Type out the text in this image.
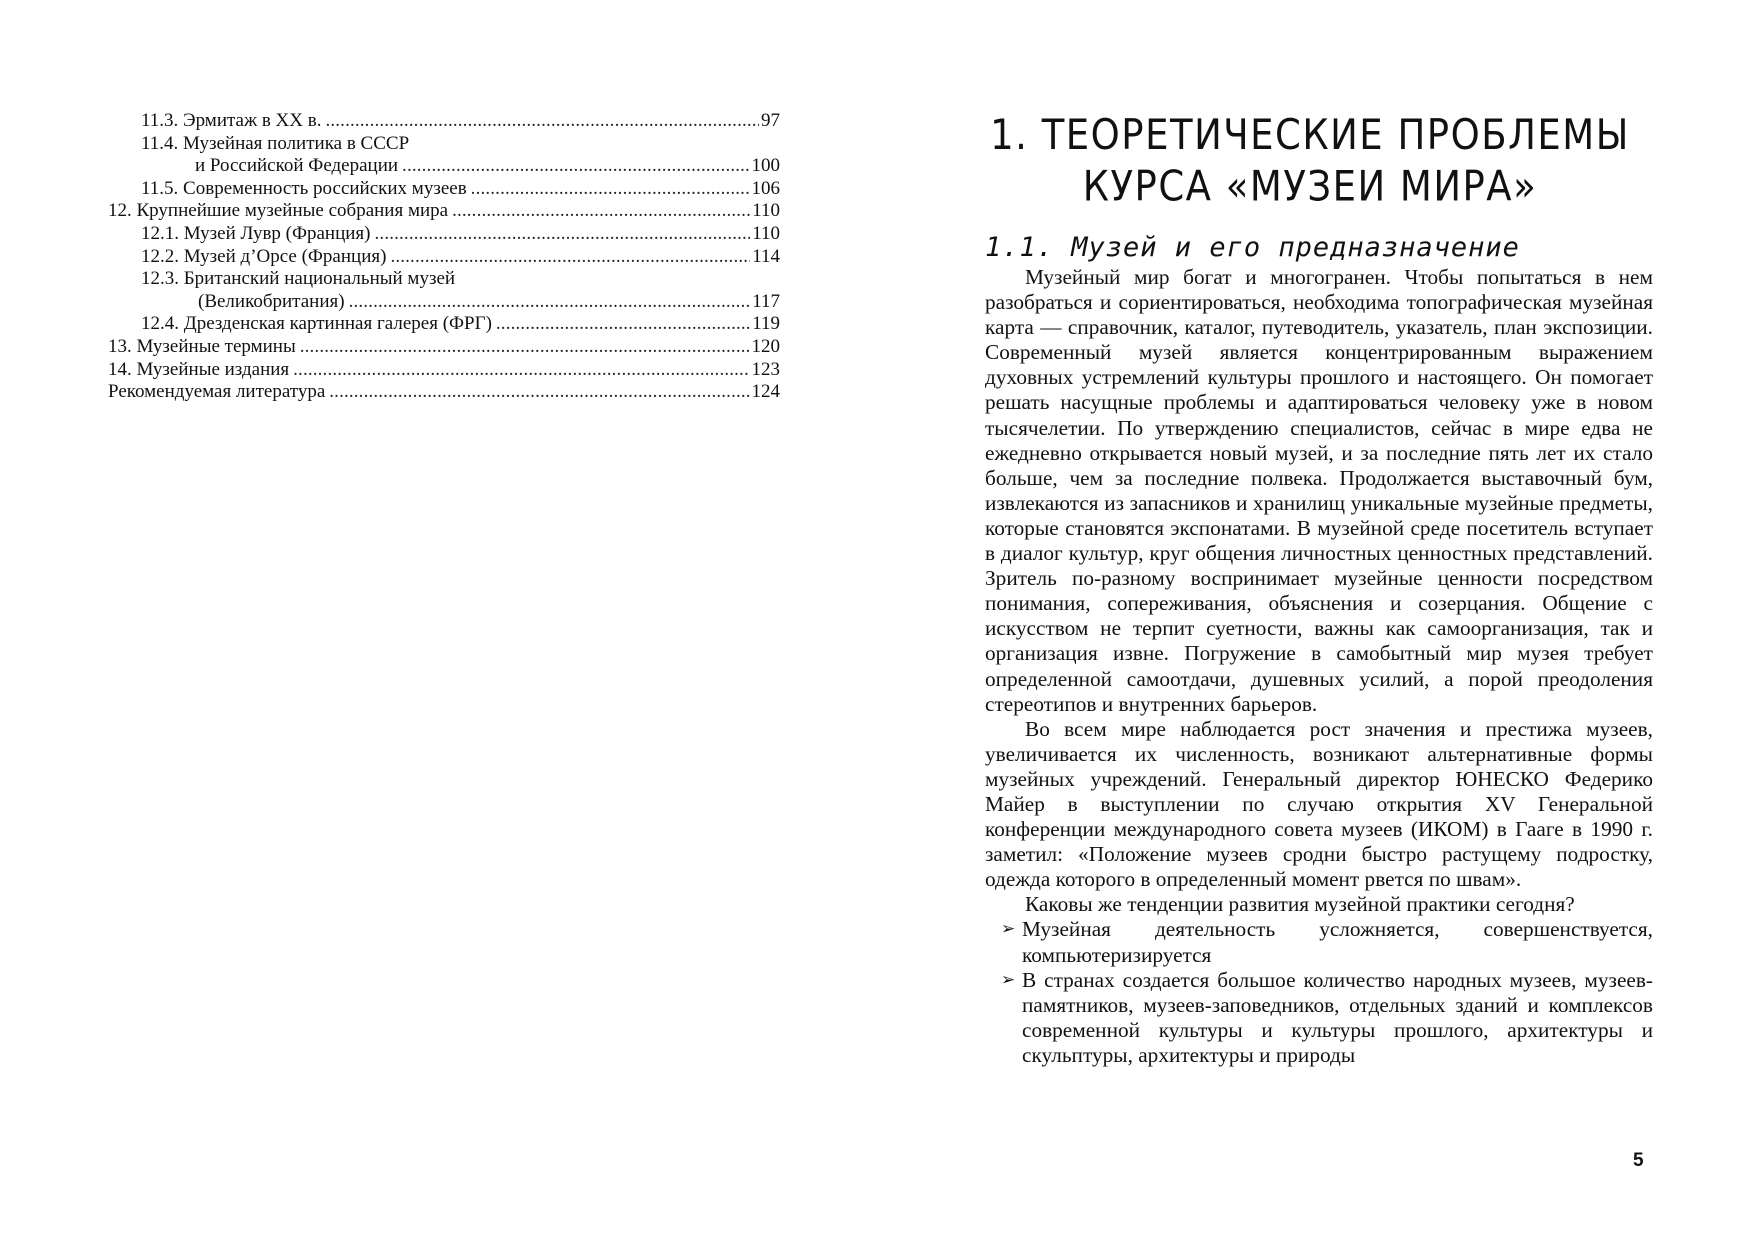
11.3. Эрмитаж в XX в. . . .	97
11.4. Музейная политика в СССР
и Российской Федерации . . .	100
11.5. Современность российских музеев . . .	106
12. Крупнейшие музейные собрания мира . . .	110
12.1. Музей Лувр (Франция) . . .	110
12.2. Музей д’Орсе (Франция) . . .	114
12.3. Британский национальный музей
(Великобритания) . . .	117
12.4. Дрезденская картинная галерея (ФРГ) . . .	119
13. Музейные термины . . .	120
14. Музейные издания . . .	123
Рекомендуемая литература . . .	124
1. ТЕОРЕТИЧЕСКИЕ ПРОБЛЕМЫ
КУРСА «МУЗЕИ МИРА»
1.1. Музей и его предназначение

Музейный мир богат и многогранен. Чтобы попытаться в нем разобраться и сориентироваться, необходима топографическая музейная карта — справочник, каталог, путеводитель, указатель, план экспозиции. Современный музей является концентрированным выражением духовных устремлений культуры прошлого и настоящего. Он помогает решать насущные проблемы и адаптироваться человеку уже в новом тысячелетии. По утверждению специалистов, сейчас в мире едва не ежедневно открывается новый музей, и за последние пять лет их стало больше, чем за последние полвека. Продолжается выставочный бум, извлекаются из запасников и хранилищ уникальные музейные предметы, которые становятся экспонатами. В музейной среде посетитель вступает в диалог культур, круг общения личностных ценностных представлений. Зритель по-разному воспринимает музейные ценности посредством понимания, сопереживания, объяснения и созерцания. Общение с искусством не терпит суетности, важны как самоорганизация, так и организация извне. Погружение в самобытный мир музея требует определенной самоотдачи, душевных усилий, а порой преодоления стереотипов и внутренних барьеров.

Во всем мире наблюдается рост значения и престижа музеев, увеличивается их численность, возникают альтернативные формы музейных учреждений. Генеральный директор ЮНЕСКО Федерико Майер в выступлении по случаю открытия XV Генеральной конференции международного совета музеев (ИКОМ) в Гааге в 1990 г. заметил: «Положение музеев сродни быстро растущему подростку, одежда которого в определенный момент рвется по швам».

Каковы же тенденции развития музейной практики сегодня?

➢ Музейная деятельность усложняется, совершенствуется, компьютеризируется
➢ В странах создается большое количество народных музеев, музеев-памятников, музеев-заповедников, отдельных зданий и комплексов современной культуры и культуры прошлого, архитектуры и скульптуры, архитектуры и природы
5
